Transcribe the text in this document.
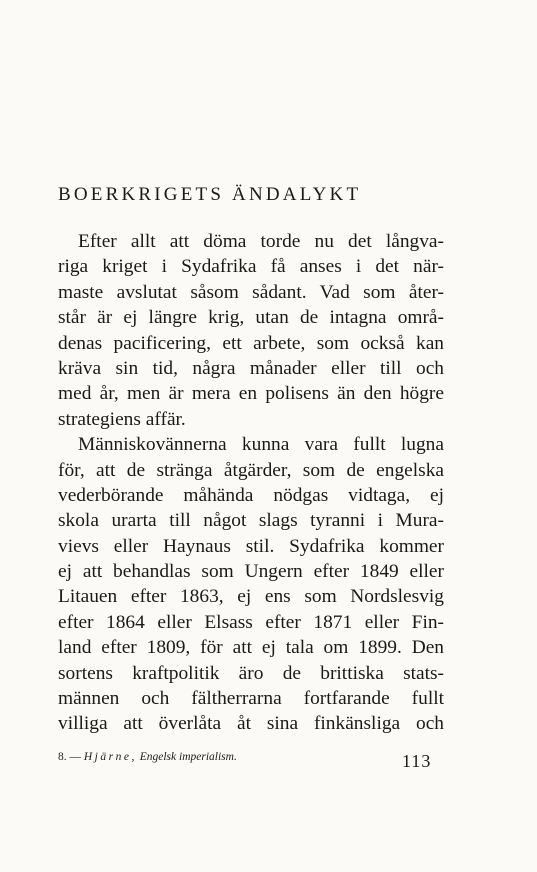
BOERKRIGETS ÄNDALYKT
Efter allt att döma torde nu det långva-
riga kriget i Sydafrika få anses i det när-
maste avslutat såsom sådant. Vad som åter-
står är ej längre krig, utan de intagna områ-
denas pacificering, ett arbete, som också kan
kräva sin tid, några månader eller till och
med år, men är mera en polisens än den högre
strategiens affär.
Människovännerna kunna vara fullt lugna
för, att de stränga åtgärder, som de engelska
vederbörande måhända nödgas vidtaga, ej
skola urarta till något slags tyranni i Mura-
vievs eller Haynaus stil. Sydafrika kommer
ej att behandlas som Ungern efter 1849 eller
Litauen efter 1863, ej ens som Nordslesvig
efter 1864 eller Elsass efter 1871 eller Fin-
land efter 1809, för att ej tala om 1899. Den
sortens kraftpolitik äro de brittiska stats-
männen och fältherrarna fortfarande fullt
villiga att överlåta åt sina finkänsliga och
8. — Hjärne, Engelsk imperialism.	113
